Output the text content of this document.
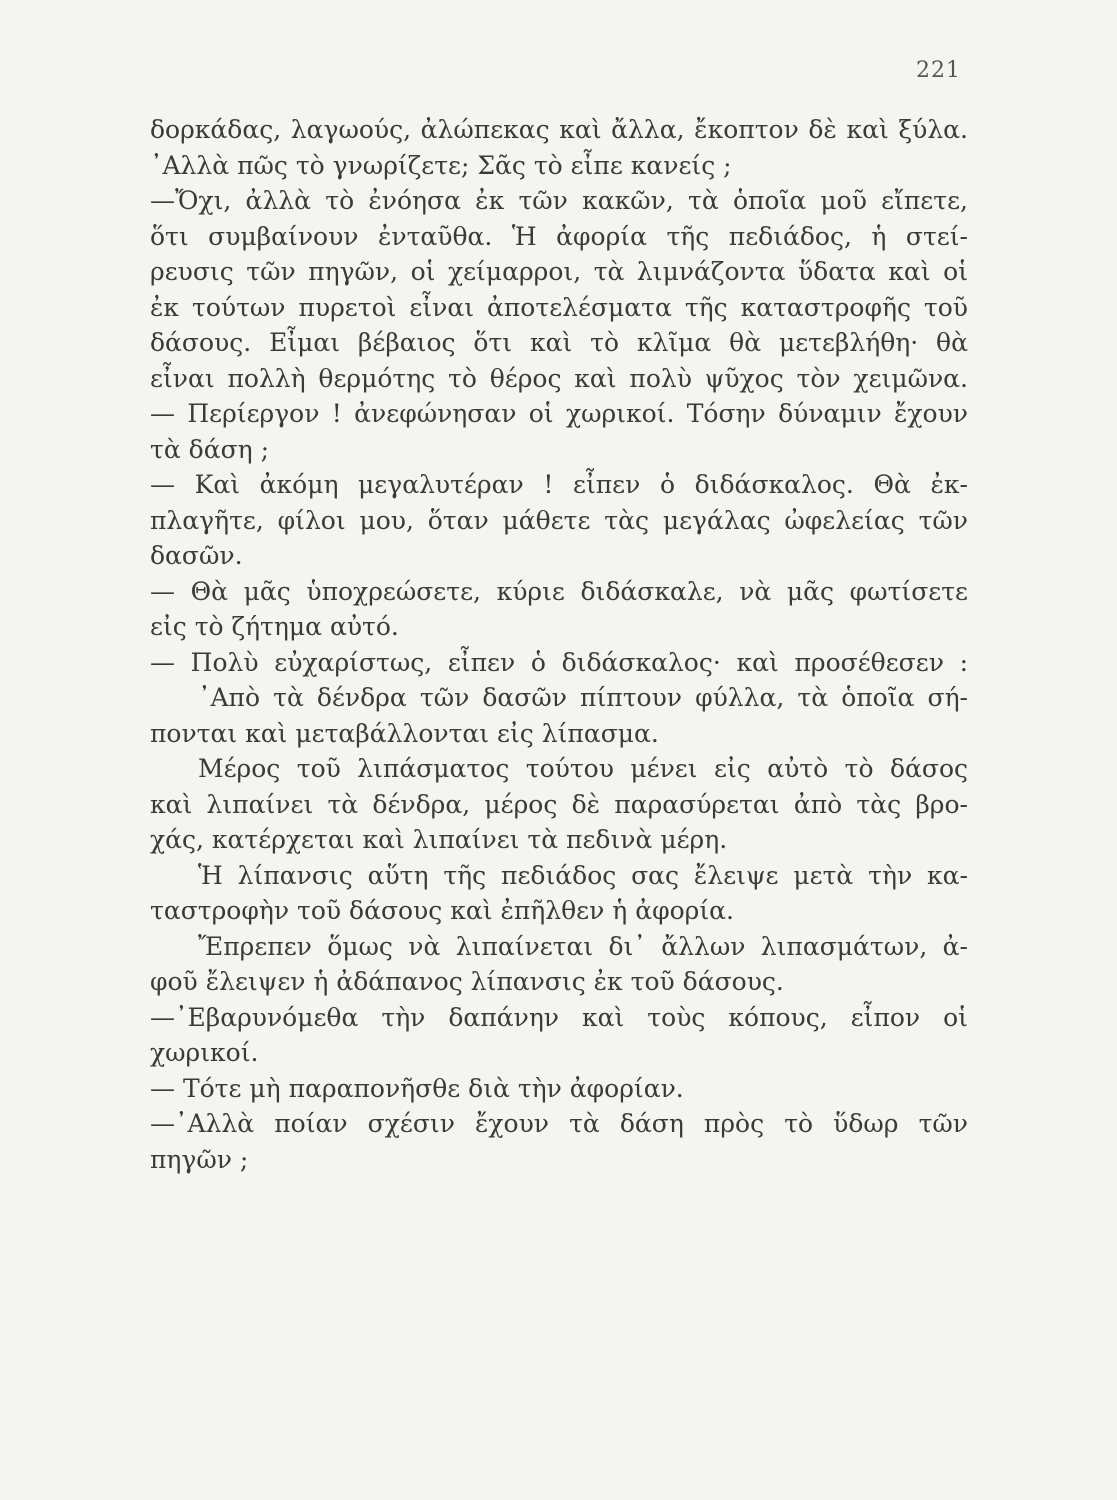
221
δορκάδας, λαγωούς, ἀλώπεκας καὶ ἄλλα, ἔκοπτον δὲ καὶ ξύλα.
᾽Αλλὰ πῶς τὸ γνωρίζετε; Σᾶς τὸ εἶπε κανείς ;
—Ὄχι, ἀλλὰ τὸ ἐνόησα ἐκ τῶν κακῶν, τὰ ὁποῖα μοῦ εἴπετε,
ὅτι συμβαίνουν ἐνταῦθα. Ἡ ἀφορία τῆς πεδιάδος, ἡ στεί-
ρευσις τῶν πηγῶν, οἱ χείμαρροι, τὰ λιμνάζοντα ὕδατα καὶ οἱ
ἐκ τούτων πυρετοὶ εἶναι ἀποτελέσματα τῆς καταστροφῆς τοῦ
δάσους. Εἶμαι βέβαιος ὅτι καὶ τὸ κλῖμα θὰ μετεβλήθη· θὰ
εἶναι πολλὴ θερμότης τὸ θέρος καὶ πολὺ ψῦχος τὸν χειμῶνα.
— Περίεργον ! ἀνεφώνησαν οἱ χωρικοί. Τόσην δύναμιν ἔχουν
τὰ δάση ;
— Καὶ ἀκόμη μεγαλυτέραν ! εἶπεν ὁ διδάσκαλος. Θὰ ἐκ-
πλαγῆτε, φίλοι μου, ὅταν μάθετε τὰς μεγάλας ὠφελείας τῶν
δασῶν.
— Θὰ μᾶς ὑποχρεώσετε, κύριε διδάσκαλε, νὰ μᾶς φωτίσετε
εἰς τὸ ζήτημα αὐτό.
— Πολὺ εὐχαρίστως, εἶπεν ὁ διδάσκαλος· καὶ προσέθεσεν :
᾽Απὸ τὰ δένδρα τῶν δασῶν πίπτουν φύλλα, τὰ ὁποῖα σή-
πονται καὶ μεταβάλλονται εἰς λίπασμα.
Μέρος τοῦ λιπάσματος τούτου μένει εἰς αὐτὸ τὸ δάσος
καὶ λιπαίνει τὰ δένδρα, μέρος δὲ παρασύρεται ἀπὸ τὰς βρο-
χάς, κατέρχεται καὶ λιπαίνει τὰ πεδινὰ μέρη.
Ἡ λίπανσις αὕτη τῆς πεδιάδος σας ἔλειψε μετὰ τὴν κα-
ταστροφὴν τοῦ δάσους καὶ ἐπῆλθεν ἡ ἀφορία.
Ἔπρεπεν ὅμως νὰ λιπαίνεται δι᾽ ἄλλων λιπασμάτων, ἀ-
φοῦ ἔλειψεν ἡ ἀδάπανος λίπανσις ἐκ τοῦ δάσους.
—᾽Εβαρυνόμεθα τὴν δαπάνην καὶ τοὺς κόπους, εἶπον οἱ
χωρικοί.
— Τότε μὴ παραπονῆσθε διὰ τὴν ἀφορίαν.
—᾽Αλλὰ ποίαν σχέσιν ἔχουν τὰ δάση πρὸς τὸ ὕδωρ τῶν
πηγῶν ;
